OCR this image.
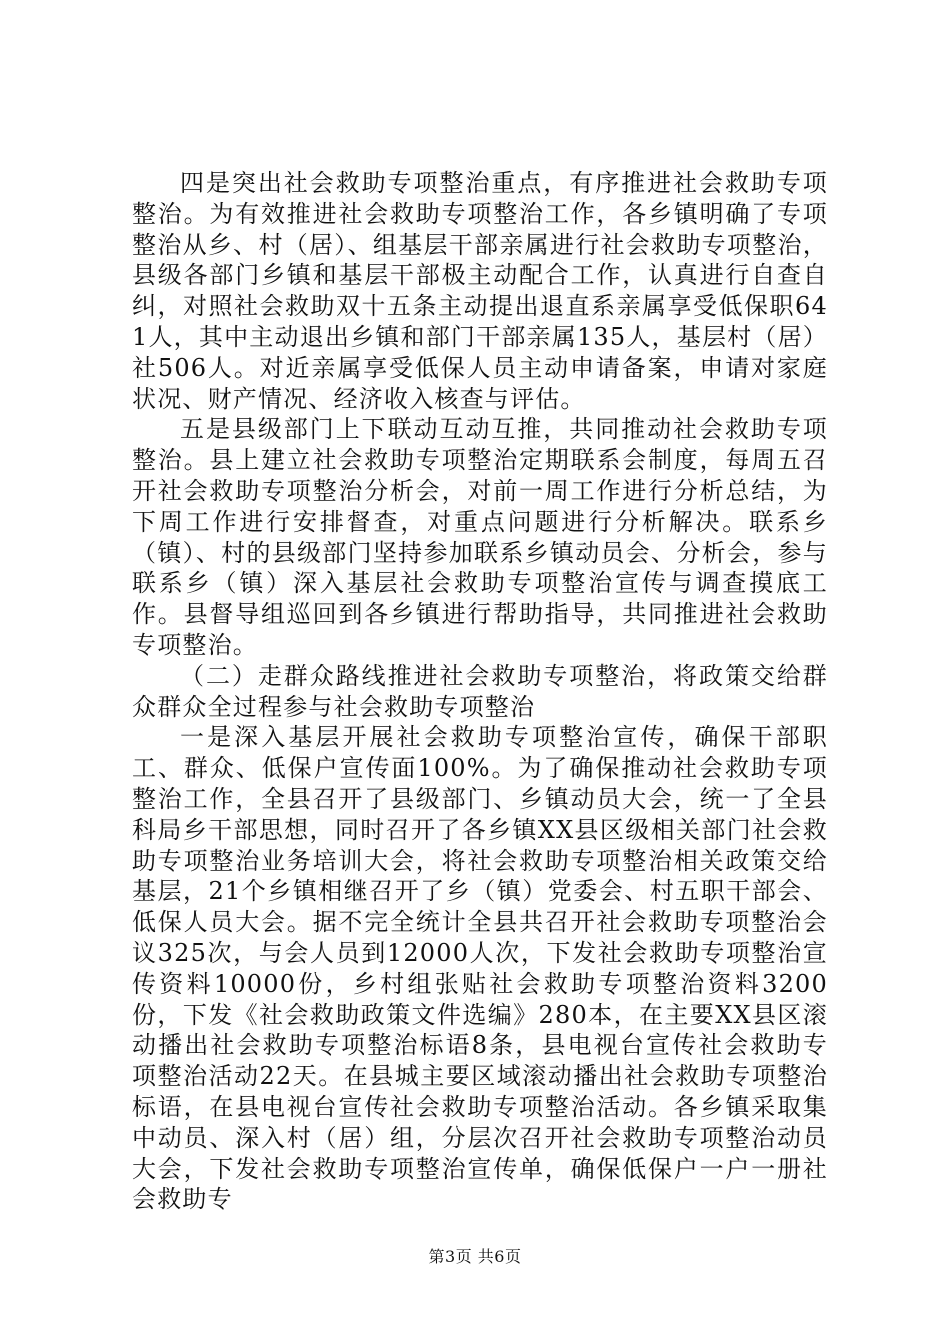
四是突出社会救助专项整治重点，有序推进社会救助专项整治。为有效推进社会救助专项整治工作，各乡镇明确了专项整治从乡、村（居）、组基层干部亲属进行社会救助专项整治，县级各部门乡镇和基层干部极主动配合工作，认真进行自查自纠，对照社会救助双十五条主动提出退直系亲属享受低保职641人，其中主动退出乡镇和部门干部亲属135人，基层村（居）社506人。对近亲属享受低保人员主动申请备案，申请对家庭状况、财产情况、经济收入核查与评估。

五是县级部门上下联动互动互推，共同推动社会救助专项整治。县上建立社会救助专项整治定期联系会制度，每周五召开社会救助专项整治分析会，对前一周工作进行分析总结，为下周工作进行安排督查，对重点问题进行分析解决。联系乡（镇）、村的县级部门坚持参加联系乡镇动员会、分析会，参与联系乡（镇）深入基层社会救助专项整治宣传与调查摸底工作。县督导组巡回到各乡镇进行帮助指导，共同推进社会救助专项整治。

（二）走群众路线推进社会救助专项整治，将政策交给群众群众全过程参与社会救助专项整治

一是深入基层开展社会救助专项整治宣传，确保干部职工、群众、低保户宣传面100%。为了确保推动社会救助专项整治工作，全县召开了县级部门、乡镇动员大会，统一了全县科局乡干部思想，同时召开了各乡镇XX县区级相关部门社会救助专项整治业务培训大会，将社会救助专项整治相关政策交给基层，21个乡镇相继召开了乡（镇）党委会、村五职干部会、低保人员大会。据不完全统计全县共召开社会救助专项整治会议325次，与会人员到12000人次，下发社会救助专项整治宣传资料10000份，乡村组张贴社会救助专项整治资料3200份，下发《社会救助政策文件选编》280本，在主要XX县区滚动播出社会救助专项整治标语8条，县电视台宣传社会救助专项整治活动22天。在县城主要区域滚动播出社会救助专项整治标语，在县电视台宣传社会救助专项整治活动。各乡镇采取集中动员、深入村（居）组，分层次召开社会救助专项整治动员大会，下发社会救助专项整治宣传单，确保低保户一户一册社会救助专

第3页 共6页
